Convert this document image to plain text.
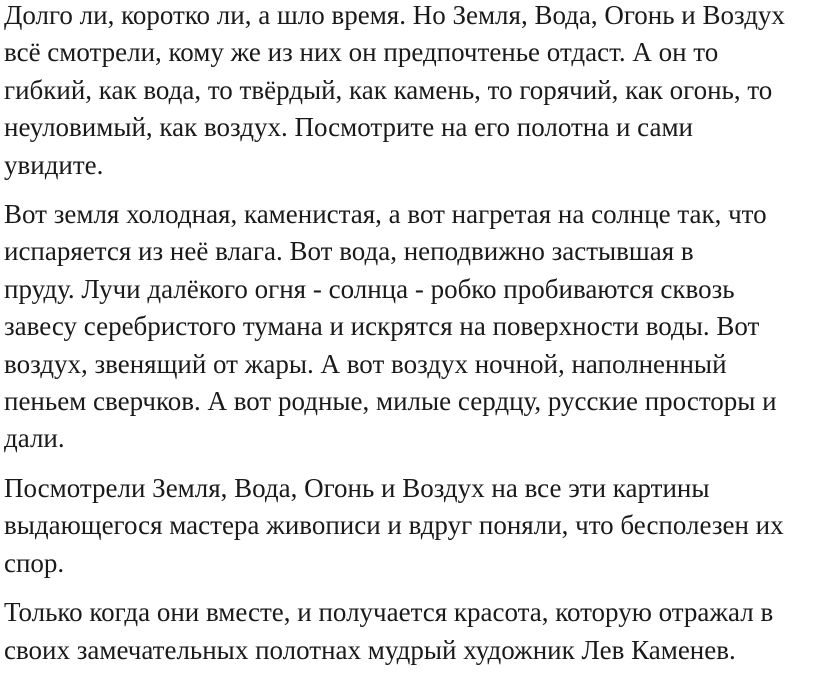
Долго ли, коротко ли, а шло время. Но Земля, Вода, Огонь и Воздух
всё смотрели, кому же из них он предпочтенье отдаст. А он то
гибкий, как вода, то твёрдый, как камень, то горячий, как огонь, то
неуловимый, как воздух. Посмотрите на его полотна и сами
увидите.

Вот земля холодная, каменистая, а вот нагретая на солнце так, что
испаряется из неё влага. Вот вода, неподвижно застывшая в
пруду. Лучи далёкого огня - солнца - робко пробиваются сквозь
завесу серебристого тумана и искрятся на поверхности воды. Вот
воздух, звенящий от жары. А вот воздух ночной, наполненный
пеньем сверчков. А вот родные, милые сердцу, русские просторы и
дали.

Посмотрели Земля, Вода, Огонь и Воздух на все эти картины
выдающегося мастера живописи и вдруг поняли, что бесполезен их
спор.

Только когда они вместе, и получается красота, которую отражал в
своих замечательных полотнах мудрый художник Лев Каменев.
